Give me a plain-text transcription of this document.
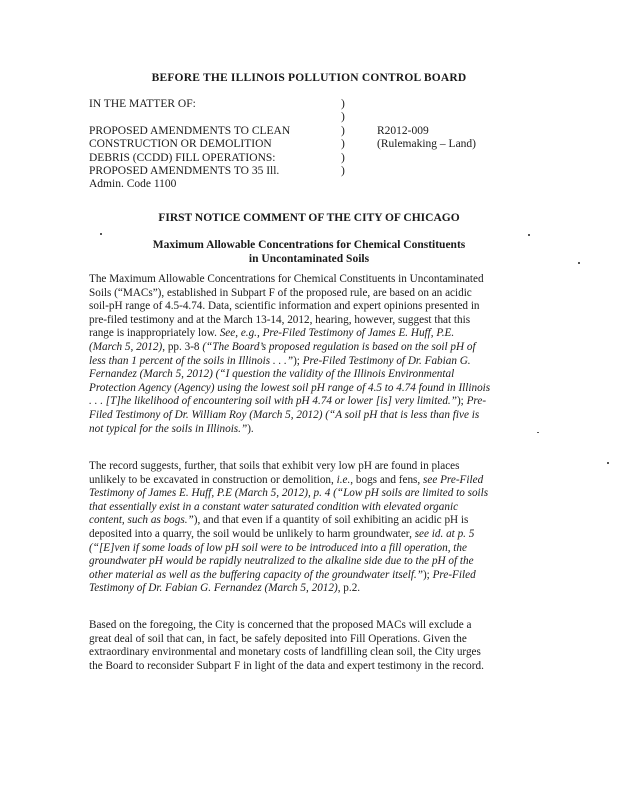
BEFORE THE ILLINOIS POLLUTION CONTROL BOARD
IN THE MATTER OF:

PROPOSED AMENDMENTS TO CLEAN
CONSTRUCTION OR DEMOLITION
DEBRIS (CCDD) FILL OPERATIONS:
PROPOSED AMENDMENTS TO 35 Ill.
Admin. Code 1100
)
)
)
)
)
)
R2012-009
(Rulemaking – Land)
FIRST NOTICE COMMENT OF THE CITY OF CHICAGO
Maximum Allowable Concentrations for Chemical Constituents
in Uncontaminated Soils
The Maximum Allowable Concentrations for Chemical Constituents in Uncontaminated
Soils (“MACs”), established in Subpart F of the proposed rule, are based on an acidic
soil-pH range of 4.5-4.74. Data, scientific information and expert opinions presented in
pre-filed testimony and at the March 13-14, 2012, hearing, however, suggest that this
range is inappropriately low. See, e.g., Pre-Filed Testimony of James E. Huff, P.E.
(March 5, 2012), pp. 3-8 (“The Board’s proposed regulation is based on the soil pH of
less than 1 percent of the soils in Illinois . . .”); Pre-Filed Testimony of Dr. Fabian G.
Fernandez (March 5, 2012) (“I question the validity of the Illinois Environmental
Protection Agency (Agency) using the lowest soil pH range of 4.5 to 4.74 found in Illinois
. . . [T]he likelihood of encountering soil with pH 4.74 or lower [is] very limited.”); Pre-
Filed Testimony of Dr. William Roy (March 5, 2012) (“A soil pH that is less than five is
not typical for the soils in Illinois.”).
The record suggests, further, that soils that exhibit very low pH are found in places
unlikely to be excavated in construction or demolition, i.e., bogs and fens, see Pre-Filed
Testimony of James E. Huff, P.E (March 5, 2012), p. 4 (“Low pH soils are limited to soils
that essentially exist in a constant water saturated condition with elevated organic
content, such as bogs.”), and that even if a quantity of soil exhibiting an acidic pH is
deposited into a quarry, the soil would be unlikely to harm groundwater, see id. at p. 5
(“[E]ven if some loads of low pH soil were to be introduced into a fill operation, the
groundwater pH would be rapidly neutralized to the alkaline side due to the pH of the
other material as well as the buffering capacity of the groundwater itself.”); Pre-Filed
Testimony of Dr. Fabian G. Fernandez (March 5, 2012), p.2.
Based on the foregoing, the City is concerned that the proposed MACs will exclude a
great deal of soil that can, in fact, be safely deposited into Fill Operations. Given the
extraordinary environmental and monetary costs of landfilling clean soil, the City urges
the Board to reconsider Subpart F in light of the data and expert testimony in the record.
